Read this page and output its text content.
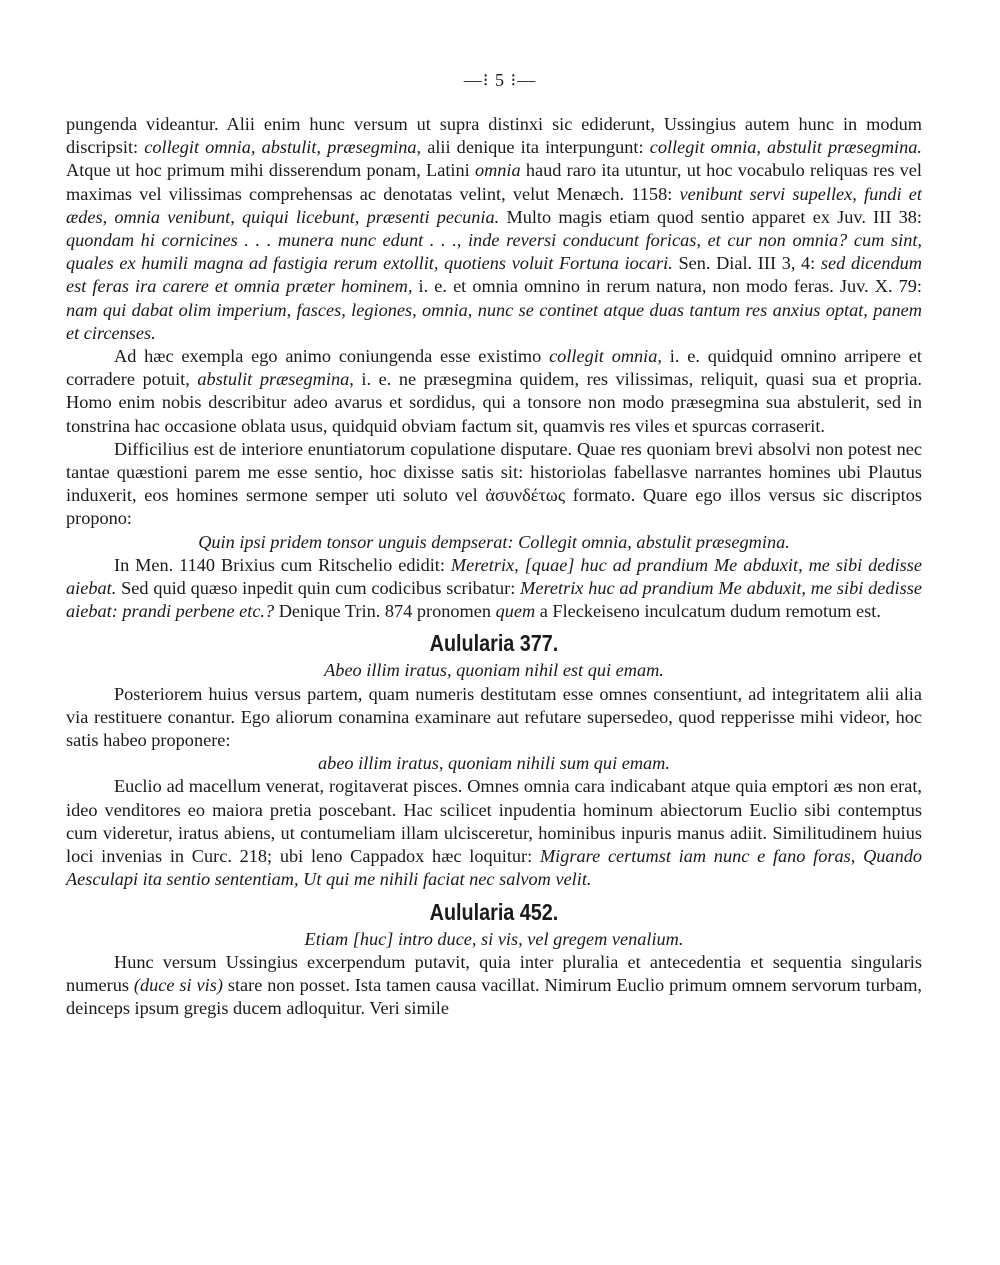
—⁝ 5 ⁝—

pungenda videantur. Alii enim hunc versum ut supra distinxi sic ediderunt, Ussingius autem hunc in modum discripsit: collegit omnia, abstulit, præsegmina, alii denique ita interpungunt: collegit omnia, abstulit præsegmina. Atque ut hoc primum mihi disserendum ponam, Latini omnia haud raro ita utuntur, ut hoc vocabulo reliquas res vel maximas vel vilissimas comprehensas ac denotatas velint, velut Menæch. 1158: venibunt servi supellex, fundi et ædes, omnia venibunt, quiqui licebunt, præsenti pecunia. Multo magis etiam quod sentio apparet ex Juv. III 38: quondam hi cornicines . . . munera nunc edunt . . ., inde reversi conducunt foricas, et cur non omnia? cum sint, quales ex humili magna ad fastigia rerum extollit, quotiens voluit Fortuna iocari. Sen. Dial. III 3, 4: sed dicendum est feras ira carere et omnia præter hominem, i. e. et omnia omnino in rerum natura, non modo feras. Juv. X. 79: nam qui dabat olim imperium, fasces, legiones, omnia, nunc se continet atque duas tantum res anxius optat, panem et circenses.

Ad hæc exempla ego animo coniungenda esse existimo collegit omnia, i. e. quidquid omnino arripere et corradere potuit, abstulit præsegmina, i. e. ne præsegmina quidem, res vilissimas, reliquit, quasi sua et propria. Homo enim nobis describitur adeo avarus et sordidus, qui a tonsore non modo præsegmina sua abstulerit, sed in tonstrina hac occasione oblata usus, quidquid obviam factum sit, quamvis res viles et spurcas corraserit.

Difficilius est de interiore enuntiatorum copulatione disputare. Quae res quoniam brevi absolvi non potest nec tantae quæstioni parem me esse sentio, hoc dixisse satis sit: historiolas fabellasve narrantes homines ubi Plautus induxerit, eos homines sermone semper uti soluto vel ἀσυνδέτως formato. Quare ego illos versus sic discriptos propono:

Quin ipsi pridem tonsor unguis dempserat: Collegit omnia, abstulit præsegmina.

In Men. 1140 Brixius cum Ritschelio edidit: Meretrix, [quae] huc ad prandium Me abduxit, me sibi dedisse aiebat. Sed quid quæso inpedit quin cum codicibus scribatur: Meretrix huc ad prandium Me abduxit, me sibi dedisse aiebat: prandi perbene etc.? Denique Trin. 874 pronomen quem a Fleckeiseno inculcatum dudum remotum est.

Aulularia 377.

Abeo illim iratus, quoniam nihil est qui emam.

Posteriorem huius versus partem, quam numeris destitutam esse omnes consentiunt, ad integritatem alii alia via restituere conantur. Ego aliorum conamina examinare aut refutare supersedeo, quod repperisse mihi videor, hoc satis habeo proponere:

abeo illim iratus, quoniam nihili sum qui emam.

Euclio ad macellum venerat, rogitaverat pisces. Omnes omnia cara indicabant atque quia emptori æs non erat, ideo venditores eo maiora pretia poscebant. Hac scilicet inpudentia hominum abiectorum Euclio sibi contemptus cum videretur, iratus abiens, ut contumeliam illam ulcisceretur, hominibus inpuris manus adiit. Similitudinem huius loci invenias in Curc. 218; ubi leno Cappadox hæc loquitur: Migrare certumst iam nunc e fano foras, Quando Aesculapi ita sentio sententiam, Ut qui me nihili faciat nec salvom velit.

Aulularia 452.

Etiam [huc] intro duce, si vis, vel gregem venalium.

Hunc versum Ussingius excerpendum putavit, quia inter pluralia et antecedentia et sequentia singularis numerus (duce si vis) stare non posset. Ista tamen causa vacillat. Nimirum Euclio primum omnem servorum turbam, deinceps ipsum gregis ducem adloquitur. Veri simile
